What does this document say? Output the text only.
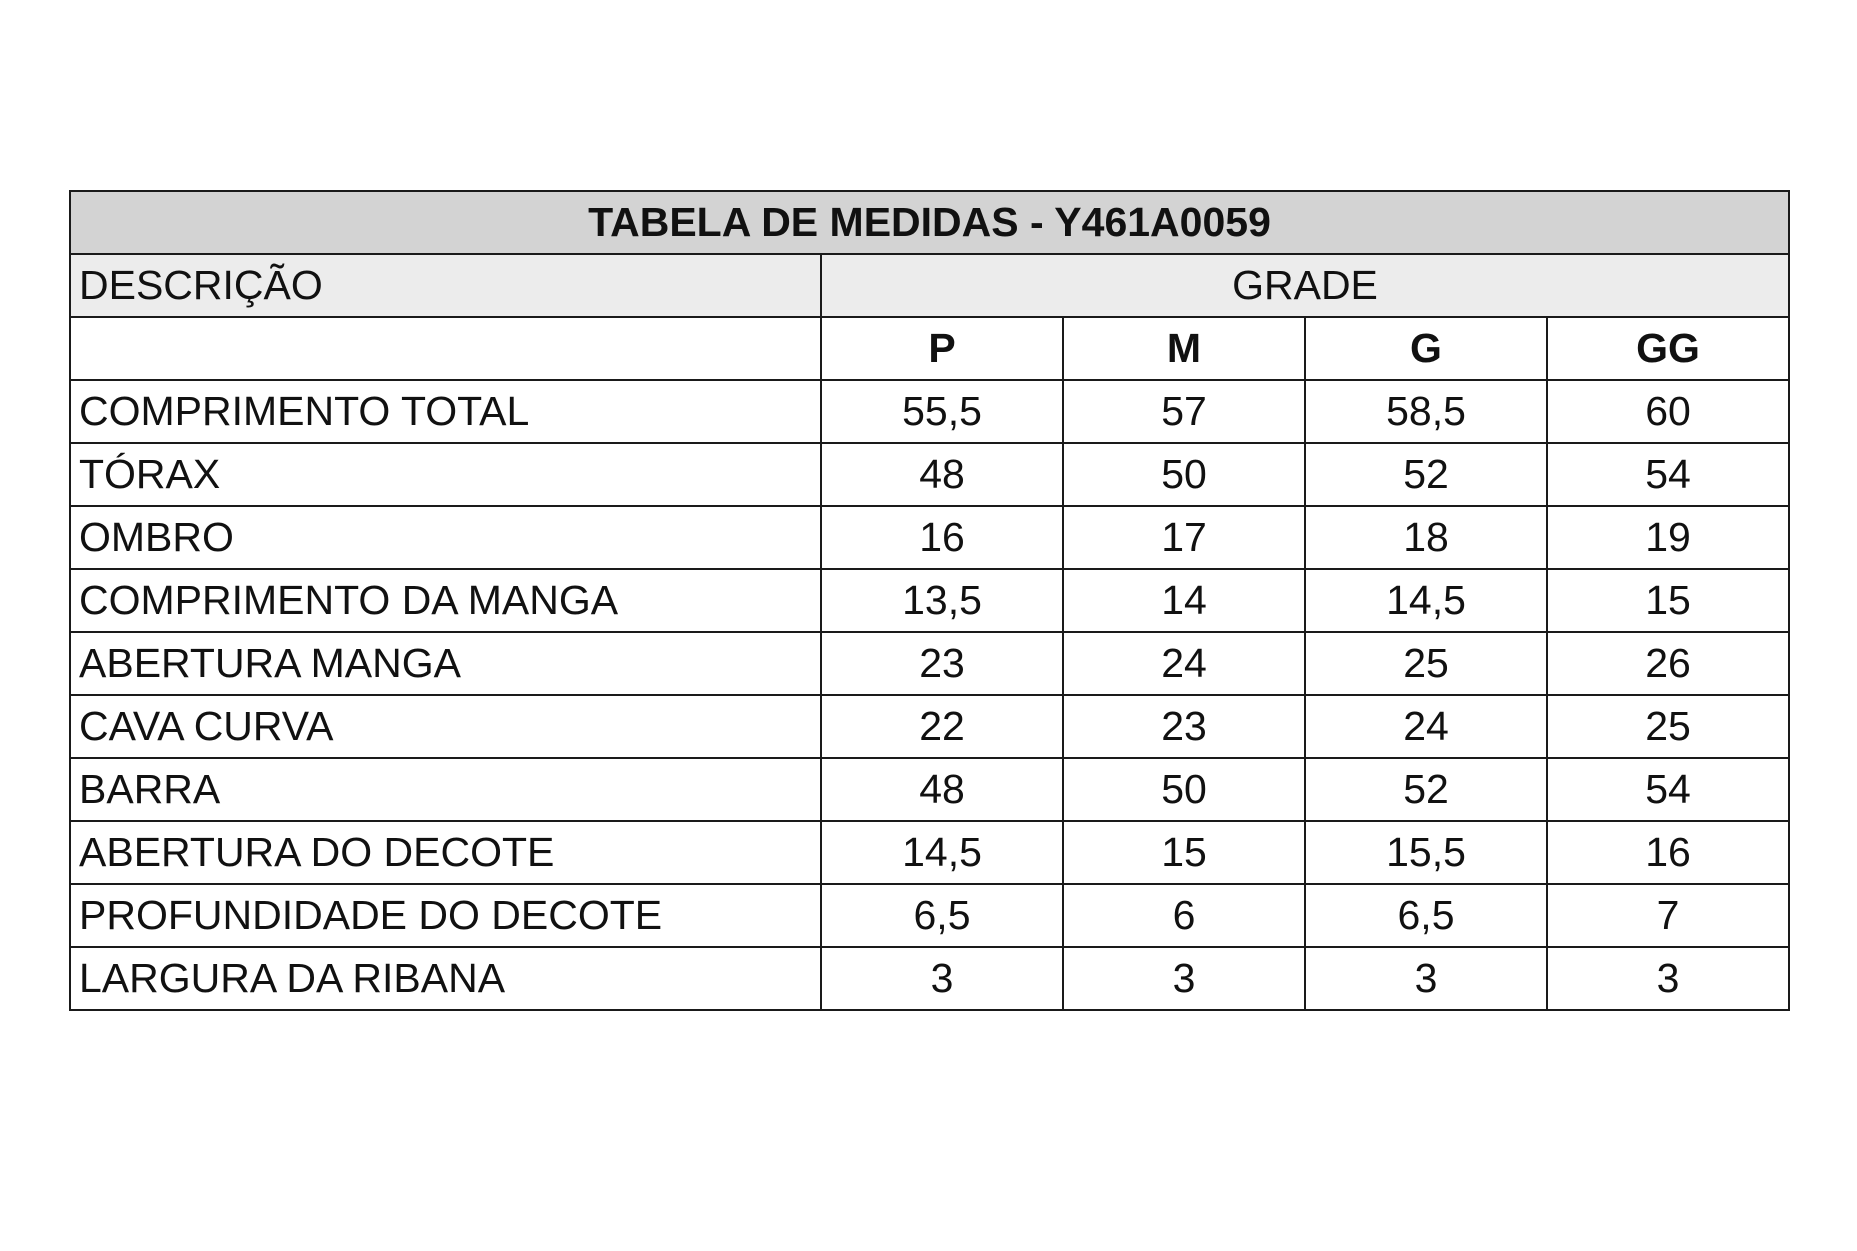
TABELA DE MEDIDAS - Y461A0059				
DESCRIÇÃO	GRADE			
	P	M	G	GG
COMPRIMENTO TOTAL	55,5	57	58,5	60
TÓRAX	48	50	52	54
OMBRO	16	17	18	19
COMPRIMENTO DA MANGA	13,5	14	14,5	15
ABERTURA MANGA	23	24	25	26
CAVA CURVA	22	23	24	25
BARRA	48	50	52	54
ABERTURA DO DECOTE	14,5	15	15,5	16
PROFUNDIDADE DO DECOTE	6,5	6	6,5	7
LARGURA DA RIBANA	3	3	3	3
